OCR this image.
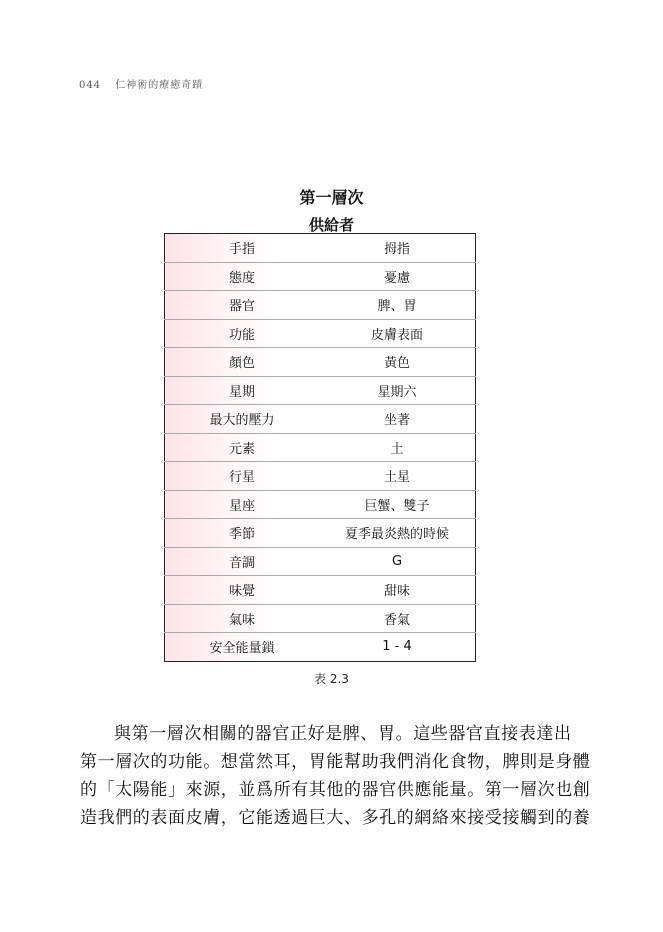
044 仁神術的療癒奇蹟
第一層次
供給者
手指	拇指
態度	憂慮
器官	脾、胃
功能	皮膚表面
顏色	黃色
星期	星期六
最大的壓力	坐著
元素	土
行星	土星
星座	巨蟹、雙子
季節	夏季最炎熱的時候
音調	G
味覺	甜味
氣味	香氣
安全能量鎖	1 - 4
表 2.3
與第一層次相關的器官正好是脾、胃。這些器官直接表達出
第一層次的功能。想當然耳，胃能幫助我們消化食物，脾則是身體
的「太陽能」來源，並爲所有其他的器官供應能量。第一層次也創
造我們的表面皮膚，它能透過巨大、多孔的網絡來接受接觸到的養
